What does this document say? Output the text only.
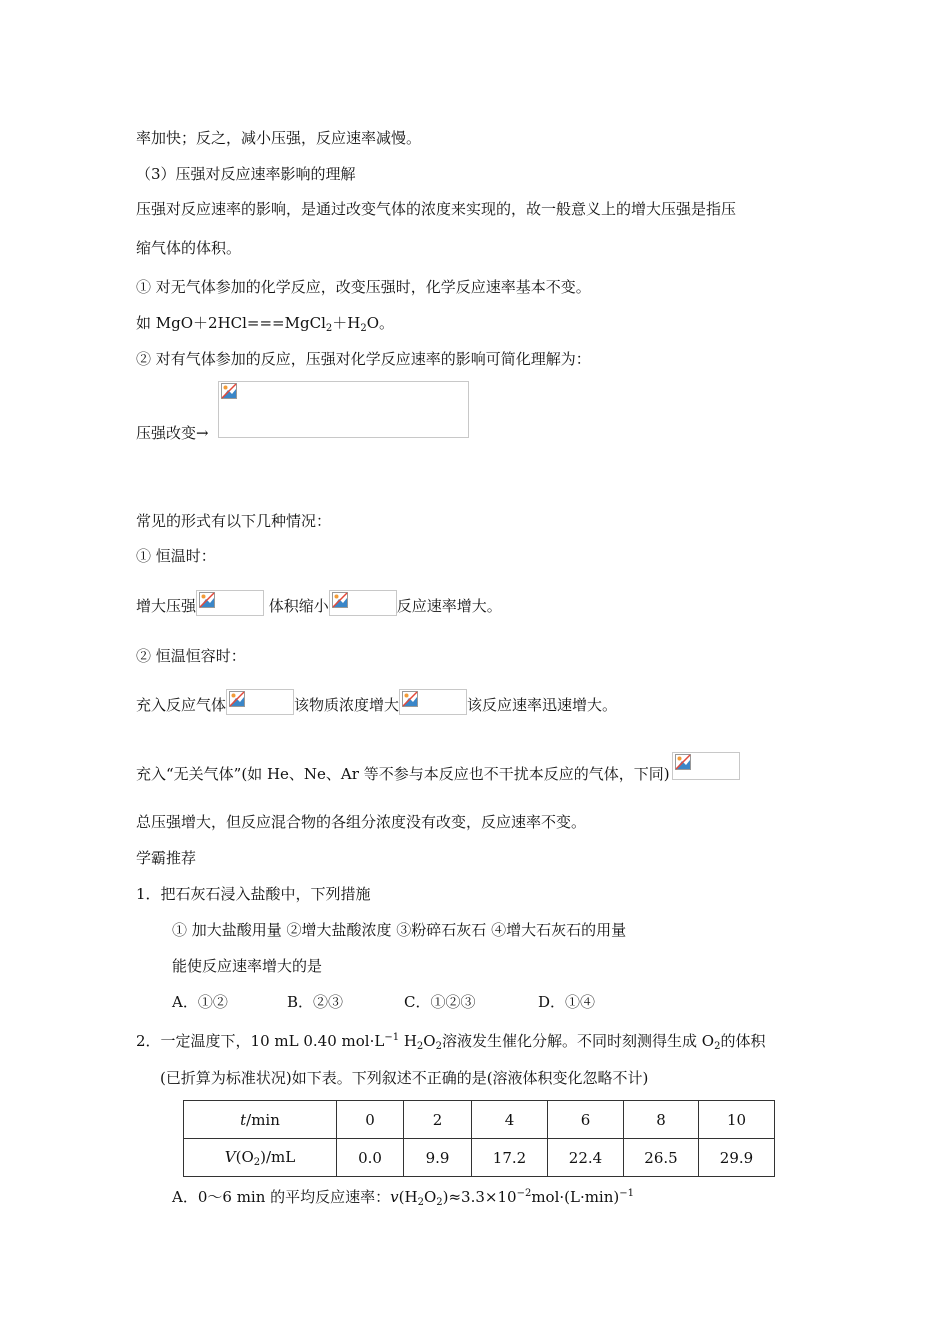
率加快；反之，减小压强，反应速率减慢。
（3）压强对反应速率影响的理解
压强对反应速率的影响，是通过改变气体的浓度来实现的，故一般意义上的增大压强是指压
缩气体的体积。
① 对无气体参加的化学反应，改变压强时，化学反应速率基本不变。
如 $MgO+2HCl===MgCl_2+H_2O$。
② 对有气体参加的反应，压强对化学反应速率的影响可简化理解为：
压强改变→
常见的形式有以下几种情况：
① 恒温时：
增大压强	体积缩小	反应速率增大。
② 恒温恒容时：
充入反应气体	该物质浓度增大	该反应速率迅速增大。
充入“无关气体”(如 He、Ne、Ar 等不参与本反应也不干扰本反应的气体，下同)
总压强增大，但反应混合物的各组分浓度没有改变，反应速率不变。
学霸推荐
1．把石灰石浸入盐酸中，下列措施
① 加大盐酸用量 ②增大盐酸浓度 ③粉碎石灰石 ④增大石灰石的用量
能使反应速率增大的是
A．①②	B．②③	C．①②③	D．①④
2．一定温度下，10 mL 0.40 $mol\cdot L^{-1}$ $H_2O_2$溶液发生催化分解。不同时刻测得生成 $O_2$的体积
(已折算为标准状况)如下表。下列叙述不正确的是(溶液体积变化忽略不计)
t/min	0	2	4	6	8	10
$V(O_2)/mL$	0.0	9.9	17.2	22.4	26.5	29.9
A．0～6 min 的平均反应速率：$v(H_2O_2)\approx 3.3\times 10^{-2}mol\cdot(L\cdot\min)^{-1}$
